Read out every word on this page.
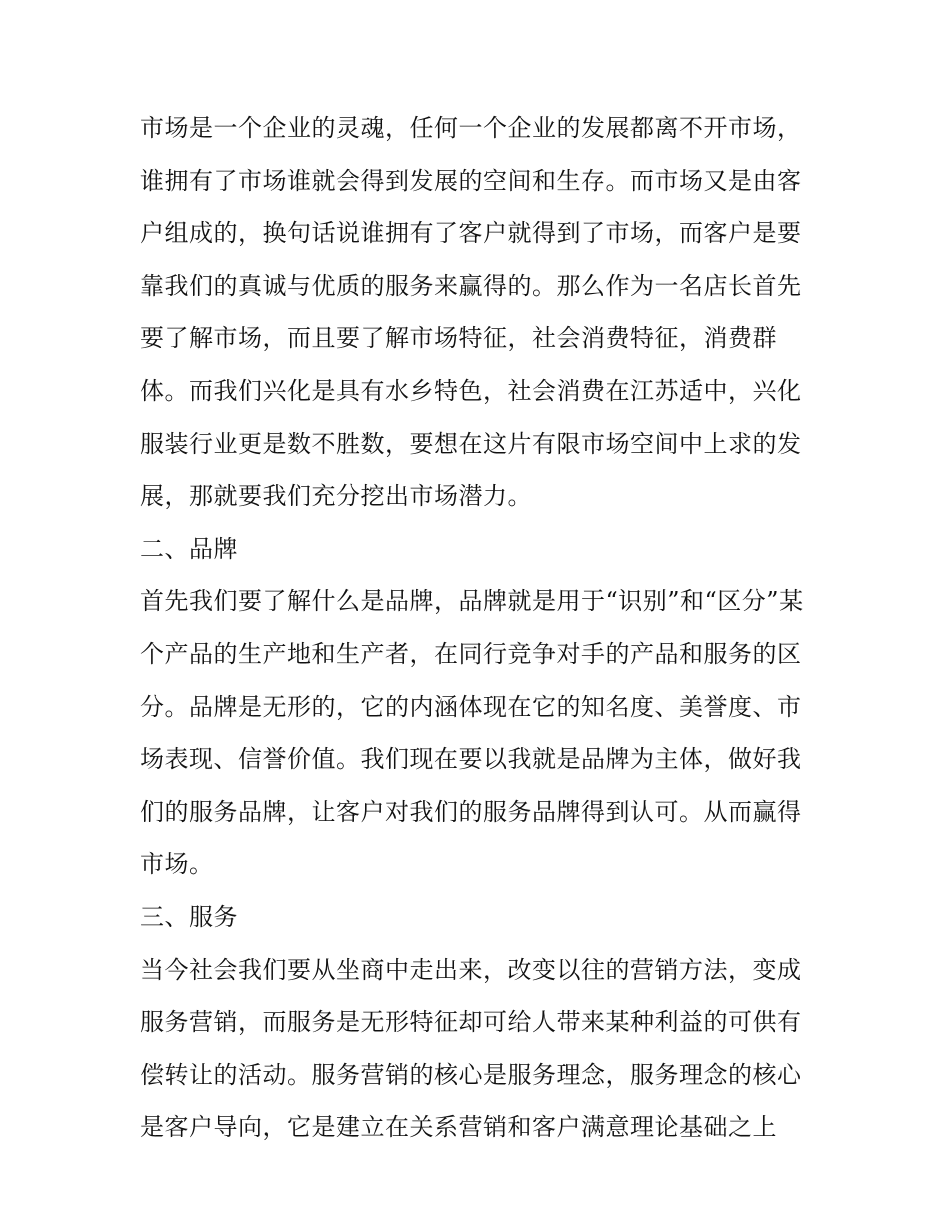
市场是一个企业的灵魂，任何一个企业的发展都离不开市场，
谁拥有了市场谁就会得到发展的空间和生存。而市场又是由客
户组成的，换句话说谁拥有了客户就得到了市场，而客户是要
靠我们的真诚与优质的服务来赢得的。那么作为一名店长首先
要了解市场，而且要了解市场特征，社会消费特征，消费群
体。而我们兴化是具有水乡特色，社会消费在江苏适中，兴化
服装行业更是数不胜数，要想在这片有限市场空间中上求的发
展，那就要我们充分挖出市场潜力。
二、品牌
首先我们要了解什么是品牌，品牌就是用于“识别”和“区分”某
个产品的生产地和生产者，在同行竞争对手的产品和服务的区
分。品牌是无形的，它的内涵体现在它的知名度、美誉度、市
场表现、信誉价值。我们现在要以我就是品牌为主体，做好我
们的服务品牌，让客户对我们的服务品牌得到认可。从而赢得
市场。
三、服务
当今社会我们要从坐商中走出来，改变以往的营销方法，变成
服务营销，而服务是无形特征却可给人带来某种利益的可供有
偿转让的活动。服务营销的核心是服务理念，服务理念的核心
是客户导向，它是建立在关系营销和客户满意理论基础之上
